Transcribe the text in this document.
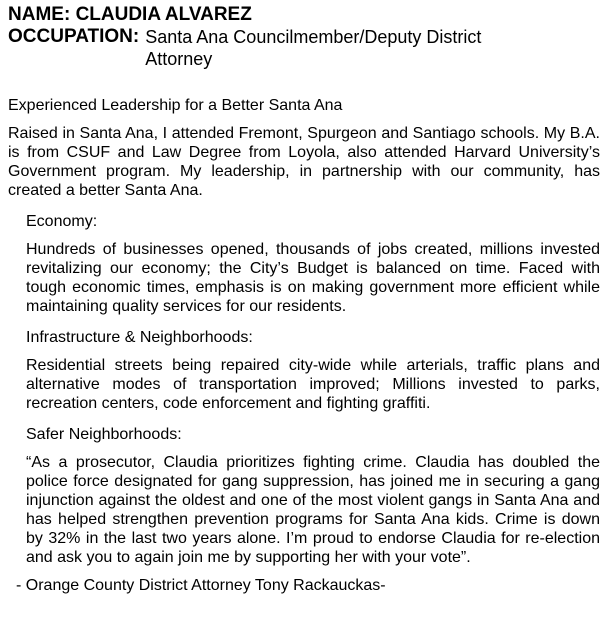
NAME: CLAUDIA ALVAREZ
OCCUPATION: Santa Ana Councilmember/Deputy District Attorney
Experienced Leadership for a Better Santa Ana
Raised in Santa Ana, I attended Fremont, Spurgeon and Santiago schools. My B.A. is from CSUF and Law Degree from Loyola, also attended Harvard University’s Government program. My leadership, in partnership with our community, has created a better Santa Ana.
Economy:
Hundreds of businesses opened, thousands of jobs created, millions invested revitalizing our economy; the City’s Budget is balanced on time. Faced with tough economic times, emphasis is on making government more efficient while maintaining quality services for our residents.
Infrastructure & Neighborhoods:
Residential streets being repaired city-wide while arterials, traffic plans and alternative modes of transportation improved; Millions invested to parks, recreation centers, code enforcement and fighting graffiti.
Safer Neighborhoods:
“As a prosecutor, Claudia prioritizes fighting crime. Claudia has doubled the police force designated for gang suppression, has joined me in securing a gang injunction against the oldest and one of the most violent gangs in Santa Ana and has helped strengthen prevention programs for Santa Ana kids. Crime is down by 32% in the last two years alone. I’m proud to endorse Claudia for re-election and ask you to again join me by supporting her with your vote”.
- Orange County District Attorney Tony Rackauckas-
